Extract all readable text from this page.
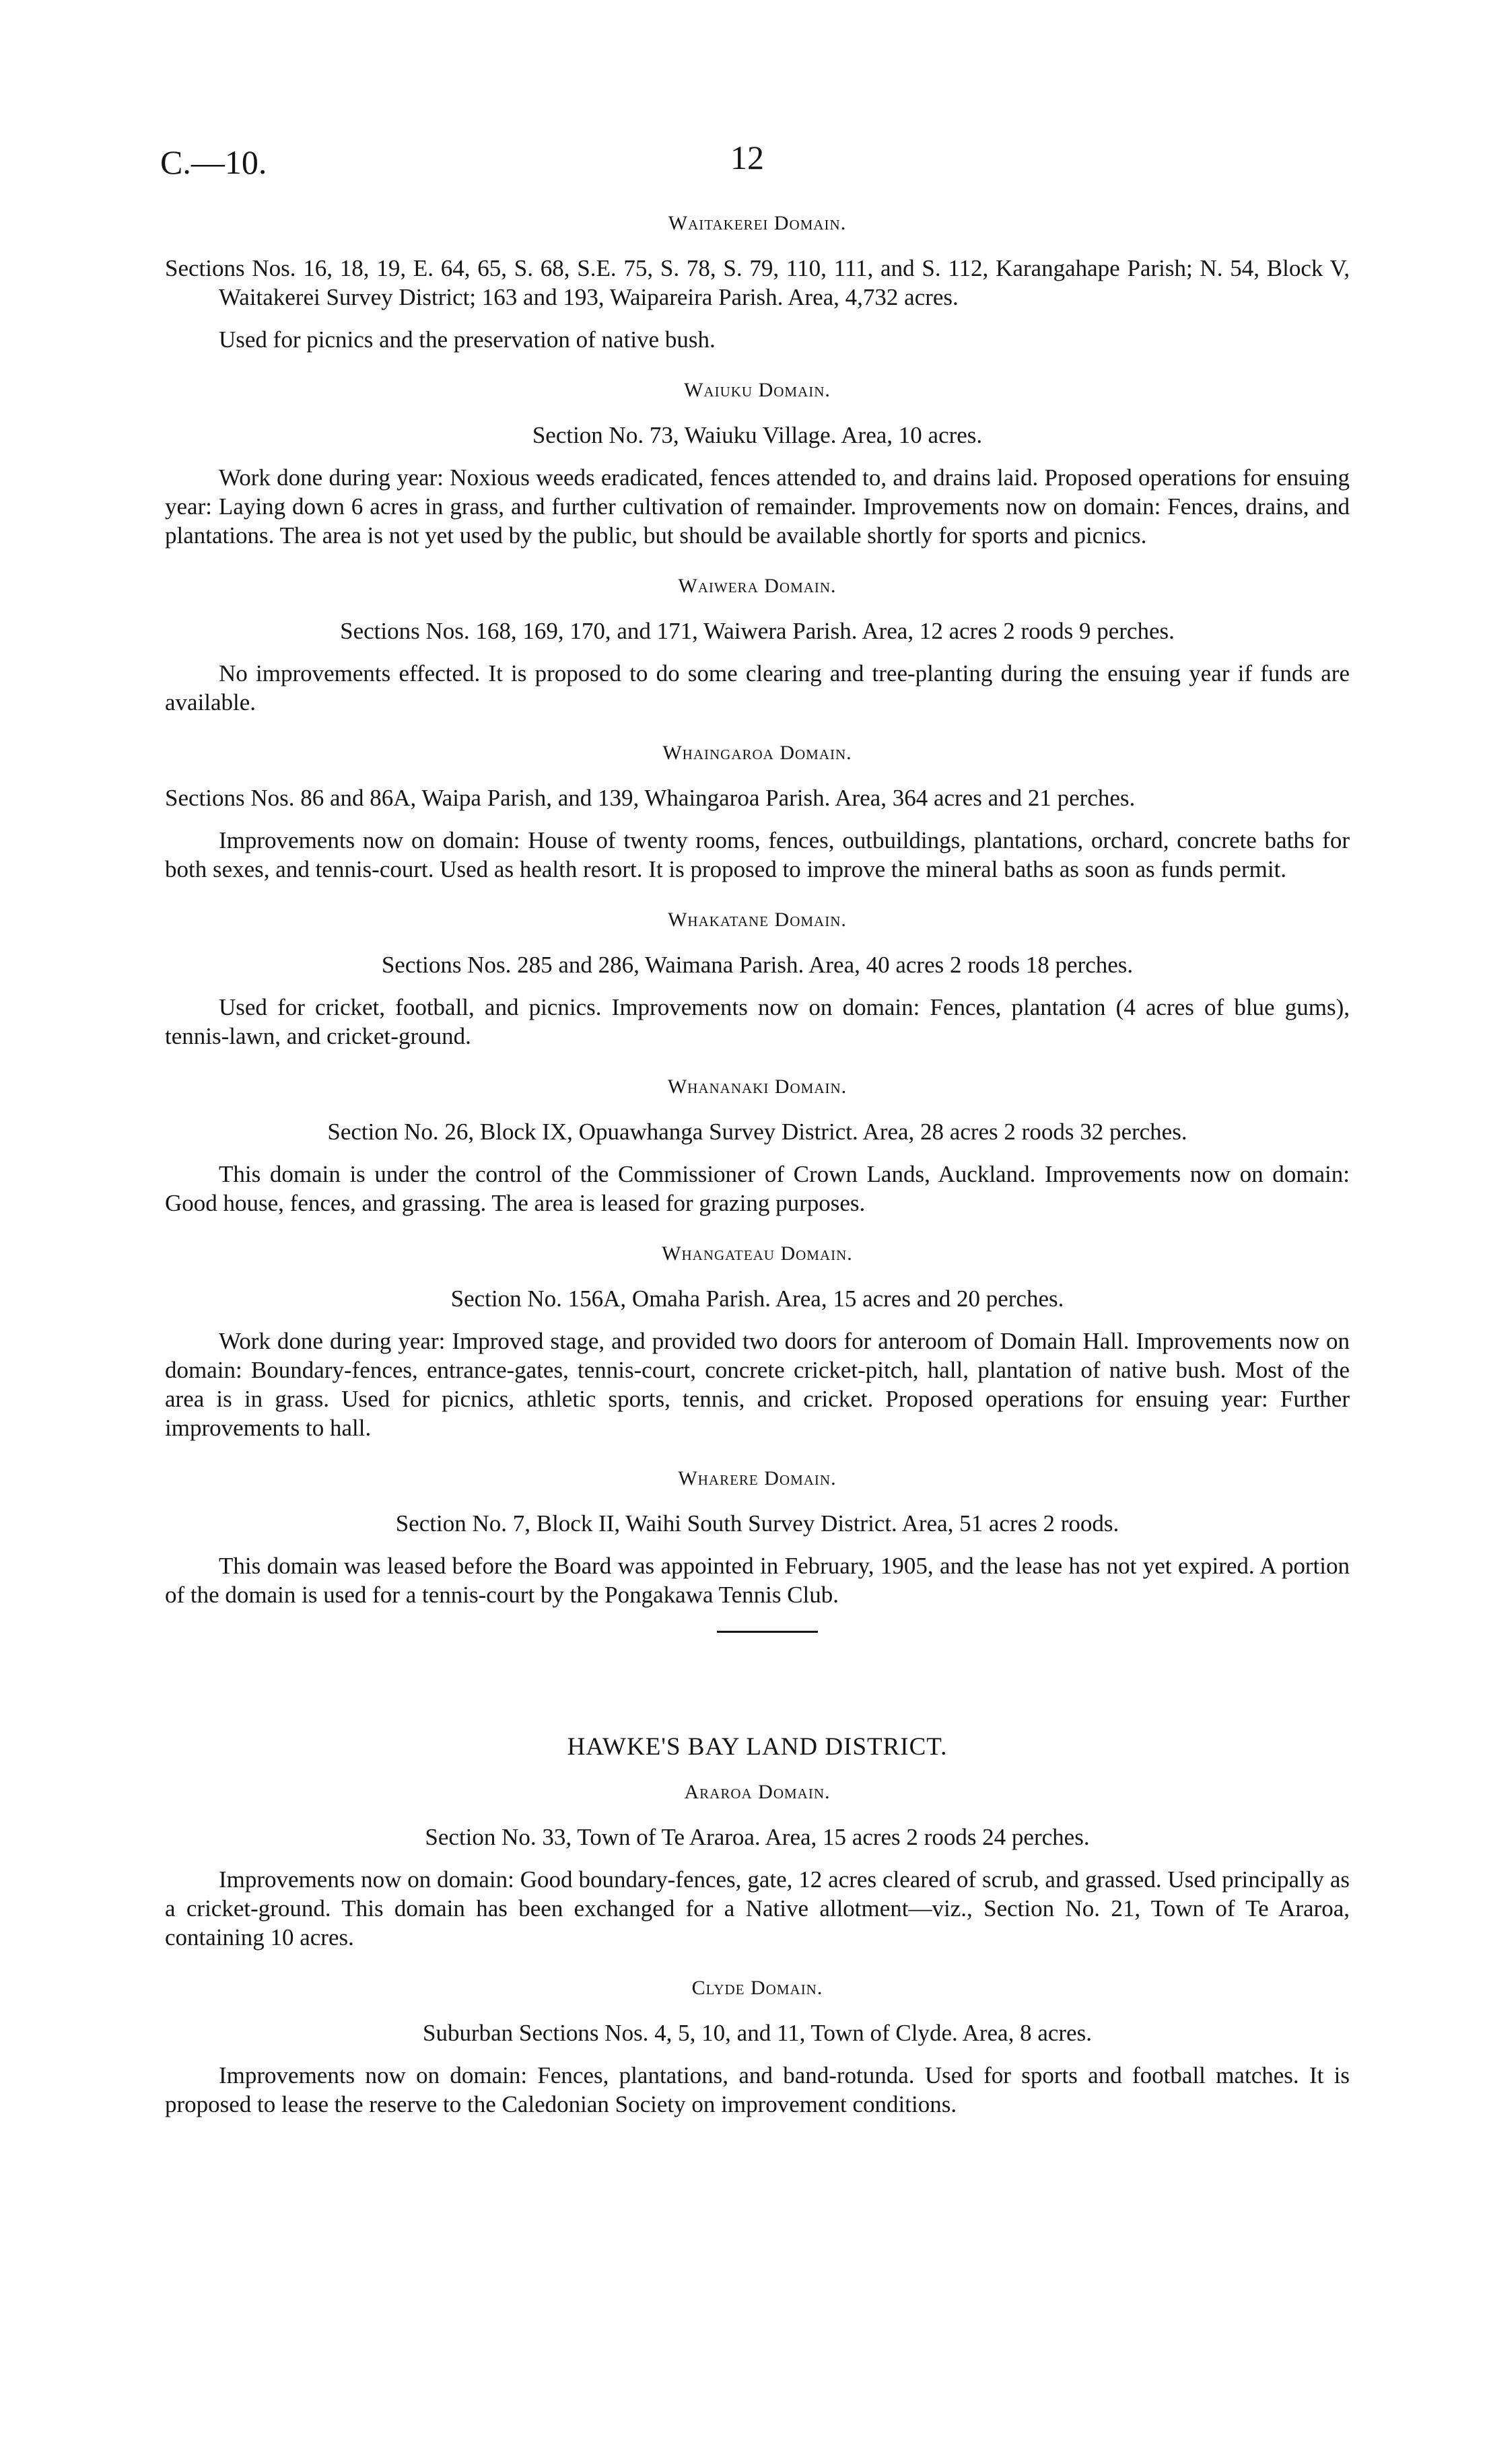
C.—10.	12
Waitakerei Domain.
Sections Nos. 16, 18, 19, E. 64, 65, S. 68, S.E. 75, S. 78, S. 79, 110, 111, and S. 112, Karangahape Parish; N. 54, Block V, Waitakerei Survey District; 163 and 193, Waipareira Parish. Area, 4,732 acres.
Used for picnics and the preservation of native bush.
Waiuku Domain.
Section No. 73, Waiuku Village. Area, 10 acres.
Work done during year: Noxious weeds eradicated, fences attended to, and drains laid. Proposed operations for ensuing year: Laying down 6 acres in grass, and further cultivation of remainder. Improvements now on domain: Fences, drains, and plantations. The area is not yet used by the public, but should be available shortly for sports and picnics.
Waiwera Domain.
Sections Nos. 168, 169, 170, and 171, Waiwera Parish. Area, 12 acres 2 roods 9 perches.
No improvements effected. It is proposed to do some clearing and tree-planting during the ensuing year if funds are available.
Whaingaroa Domain.
Sections Nos. 86 and 86A, Waipa Parish, and 139, Whaingaroa Parish. Area, 364 acres and 21 perches.
Improvements now on domain: House of twenty rooms, fences, outbuildings, plantations, orchard, concrete baths for both sexes, and tennis-court. Used as health resort. It is proposed to improve the mineral baths as soon as funds permit.
Whakatane Domain.
Sections Nos. 285 and 286, Waimana Parish. Area, 40 acres 2 roods 18 perches.
Used for cricket, football, and picnics. Improvements now on domain: Fences, plantation (4 acres of blue gums), tennis-lawn, and cricket-ground.
Whananaki Domain.
Section No. 26, Block IX, Opuawhanga Survey District. Area, 28 acres 2 roods 32 perches.
This domain is under the control of the Commissioner of Crown Lands, Auckland. Improvements now on domain: Good house, fences, and grassing. The area is leased for grazing purposes.
Whangateau Domain.
Section No. 156A, Omaha Parish. Area, 15 acres and 20 perches.
Work done during year: Improved stage, and provided two doors for anteroom of Domain Hall. Improvements now on domain: Boundary-fences, entrance-gates, tennis-court, concrete cricket-pitch, hall, plantation of native bush. Most of the area is in grass. Used for picnics, athletic sports, tennis, and cricket. Proposed operations for ensuing year: Further improvements to hall.
Wharere Domain.
Section No. 7, Block II, Waihi South Survey District. Area, 51 acres 2 roods.
This domain was leased before the Board was appointed in February, 1905, and the lease has not yet expired. A portion of the domain is used for a tennis-court by the Pongakawa Tennis Club.
HAWKE'S BAY LAND DISTRICT.
Araroa Domain.
Section No. 33, Town of Te Araroa. Area, 15 acres 2 roods 24 perches.
Improvements now on domain: Good boundary-fences, gate, 12 acres cleared of scrub, and grassed. Used principally as a cricket-ground. This domain has been exchanged for a Native allotment—viz., Section No. 21, Town of Te Araroa, containing 10 acres.
Clyde Domain.
Suburban Sections Nos. 4, 5, 10, and 11, Town of Clyde. Area, 8 acres.
Improvements now on domain: Fences, plantations, and band-rotunda. Used for sports and football matches. It is proposed to lease the reserve to the Caledonian Society on improvement conditions.
